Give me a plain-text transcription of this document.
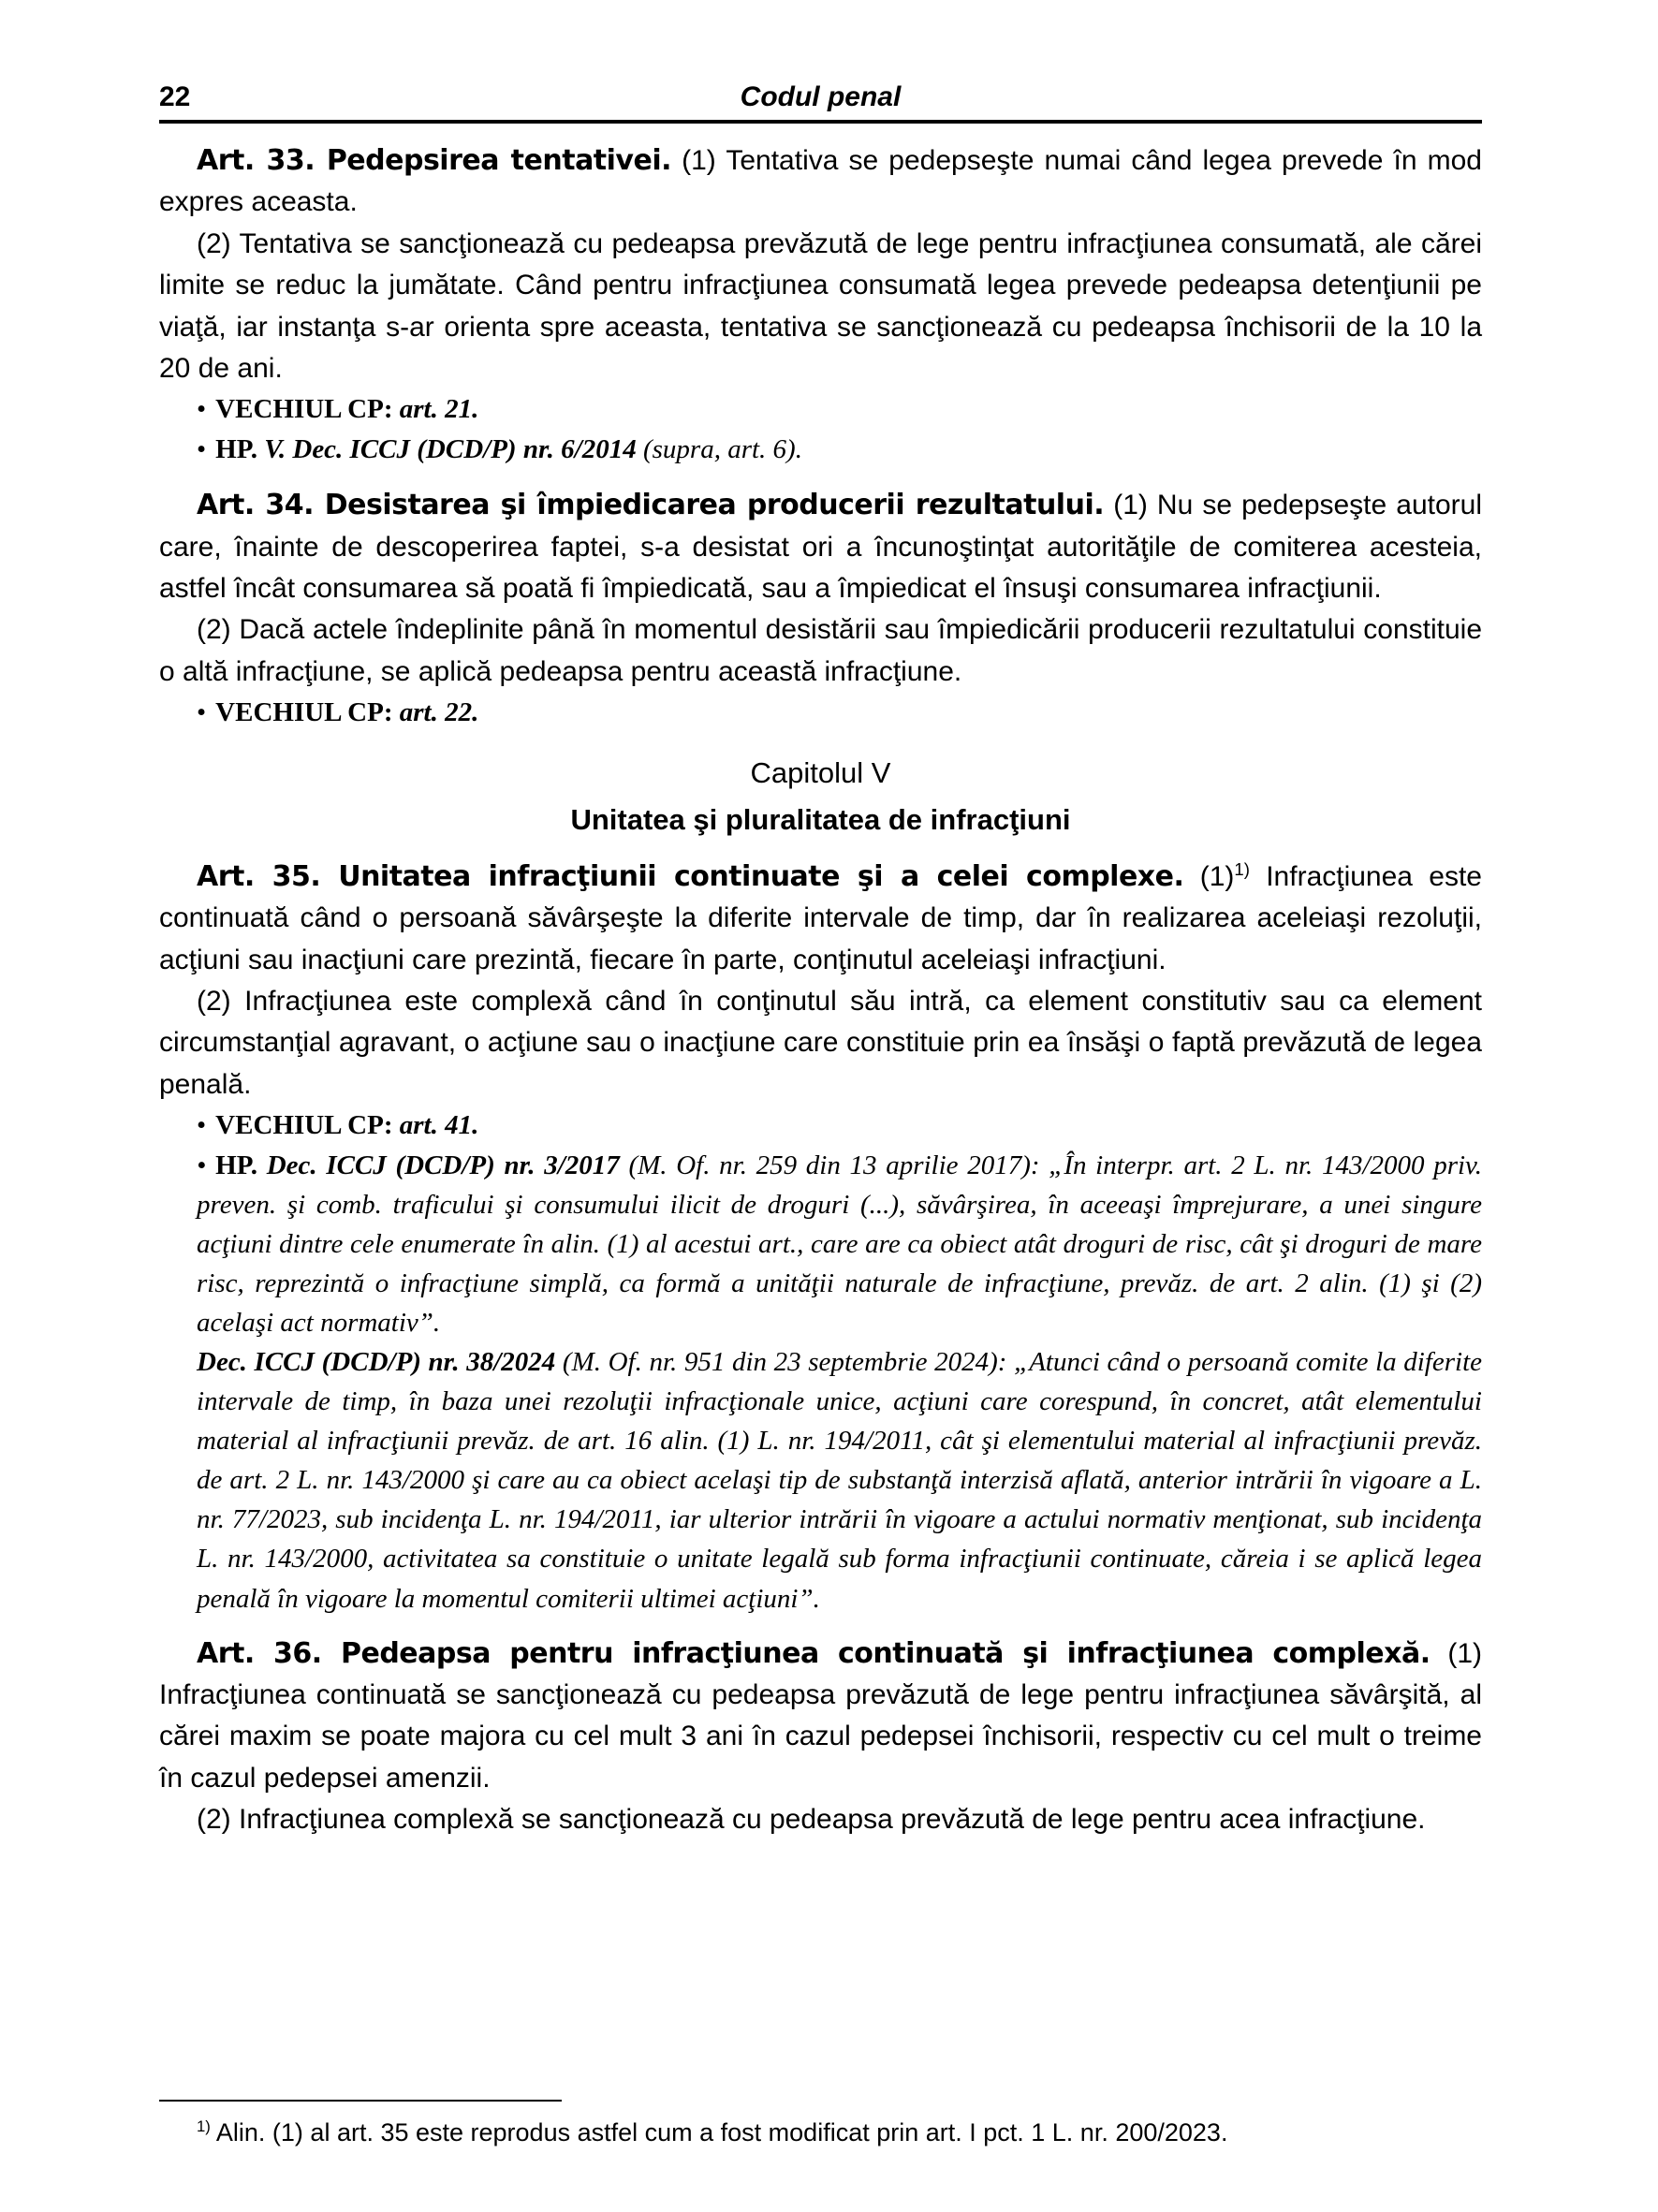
22	Codul penal

Art. 33. Pedepsirea tentativei. (1) Tentativa se pedepseşte numai când legea prevede în mod expres aceasta.

(2) Tentativa se sancţionează cu pedeapsa prevăzută de lege pentru infracţiunea consumată, ale cărei limite se reduc la jumătate. Când pentru infracţiunea consumată legea prevede pedeapsa detenţiunii pe viaţă, iar instanţa s-ar orienta spre aceasta, tentativa se sancţionează cu pedeapsa închisorii de la 10 la 20 de ani.

• VECHIUL CP: art. 21.
• HP. V. Dec. ICCJ (DCD/P) nr. 6/2014 (supra, art. 6).

Art. 34. Desistarea şi împiedicarea producerii rezultatului. (1) Nu se pedepseşte autorul care, înainte de descoperirea faptei, s-a desistat ori a încunoştinţat autorităţile de comiterea acesteia, astfel încât consumarea să poată fi împiedicată, sau a împiedicat el însuşi consumarea infracţiunii.

(2) Dacă actele îndeplinite până în momentul desistării sau împiedicării producerii rezultatului constituie o altă infracţiune, se aplică pedeapsa pentru această infracţiune.

• VECHIUL CP: art. 22.
Capitolul V
Unitatea şi pluralitatea de infracţiuni

Art. 35. Unitatea infracţiunii continuate şi a celei complexe. $(1)^{1)}$ Infracţiunea este continuată când o persoană săvârşeşte la diferite intervale de timp, dar în realizarea aceleiaşi rezoluţii, acţiuni sau inacţiuni care prezintă, fiecare în parte, conţinutul aceleiaşi infracţiuni.

(2) Infracţiunea este complexă când în conţinutul său intră, ca element constitutiv sau ca element circumstanţial agravant, o acţiune sau o inacţiune care constituie prin ea însăşi o faptă prevăzută de legea penală.

• VECHIUL CP: art. 41.

• HP. Dec. ICCJ (DCD/P) nr. 3/2017 (M. Of. nr. 259 din 13 aprilie 2017): „În interpr. art. 2 L. nr. 143/2000 priv. preven. şi comb. traficului şi consumului ilicit de droguri (...), săvârşirea, în aceeaşi împrejurare, a unei singure acţiuni dintre cele enumerate în alin. (1) al acestui art., care are ca obiect atât droguri de risc, cât şi droguri de mare risc, reprezintă o infracţiune simplă, ca formă a unităţii naturale de infracţiune, prevăz. de art. 2 alin. (1) şi (2) acelaşi act normativ”.

Dec. ICCJ (DCD/P) nr. 38/2024 (M. Of. nr. 951 din 23 septembrie 2024): „Atunci când o persoană comite la diferite intervale de timp, în baza unei rezoluţii infracţionale unice, acţiuni care corespund, în concret, atât elementului material al infracţiunii prevăz. de art. 16 alin. (1) L. nr. 194/2011, cât şi elementului material al infracţiunii prevăz. de art. 2 L. nr. 143/2000 şi care au ca obiect acelaşi tip de substanţă interzisă aflată, anterior intrării în vigoare a L. nr. 77/2023, sub incidenţa L. nr. 194/2011, iar ulterior intrării în vigoare a actului normativ menţionat, sub incidenţa L. nr. 143/2000, activitatea sa constituie o unitate legală sub forma infracţiunii continuate, căreia i se aplică legea penală în vigoare la momentul comiterii ultimei acţiuni”.

Art. 36. Pedeapsa pentru infracţiunea continuată şi infracţiunea complexă. (1) Infracţiunea continuată se sancţionează cu pedeapsa prevăzută de lege pentru infracţiunea săvârşită, al cărei maxim se poate majora cu cel mult 3 ani în cazul pedepsei închisorii, respectiv cu cel mult o treime în cazul pedepsei amenzii.

(2) Infracţiunea complexă se sancţionează cu pedeapsa prevăzută de lege pentru acea infracţiune.

$^{1)}$ Alin. (1) al art. 35 este reprodus astfel cum a fost modificat prin art. I pct. 1 L. nr. 200/2023.
